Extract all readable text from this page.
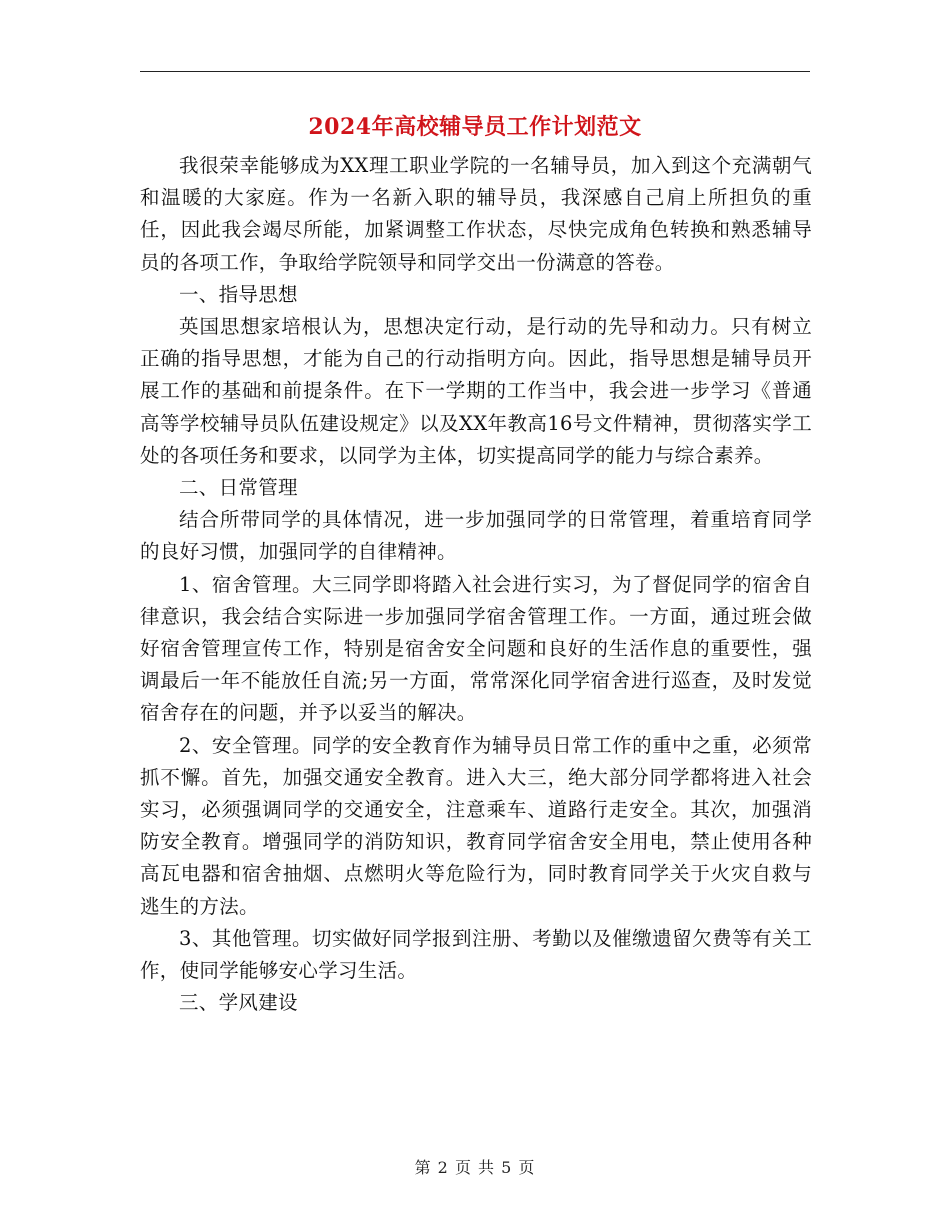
2024年高校辅导员工作计划范文

我很荣幸能够成为XX理工职业学院的一名辅导员，加入到这个充满朝气和温暖的大家庭。作为一名新入职的辅导员，我深感自己肩上所担负的重任，因此我会竭尽所能，加紧调整工作状态，尽快完成角色转换和熟悉辅导员的各项工作，争取给学院领导和同学交出一份满意的答卷。

一、指导思想

英国思想家培根认为，思想决定行动，是行动的先导和动力。只有树立正确的指导思想，才能为自己的行动指明方向。因此，指导思想是辅导员开展工作的基础和前提条件。在下一学期的工作当中，我会进一步学习《普通高等学校辅导员队伍建设规定》以及XX年教高16号文件精神，贯彻落实学工处的各项任务和要求，以同学为主体，切实提高同学的能力与综合素养。

二、日常管理

结合所带同学的具体情况，进一步加强同学的日常管理，着重培育同学的良好习惯，加强同学的自律精神。

1、宿舍管理。大三同学即将踏入社会进行实习，为了督促同学的宿舍自律意识，我会结合实际进一步加强同学宿舍管理工作。一方面，通过班会做好宿舍管理宣传工作，特别是宿舍安全问题和良好的生活作息的重要性，强调最后一年不能放任自流;另一方面，常常深化同学宿舍进行巡查，及时发觉宿舍存在的问题，并予以妥当的解决。

2、安全管理。同学的安全教育作为辅导员日常工作的重中之重，必须常抓不懈。首先，加强交通安全教育。进入大三，绝大部分同学都将进入社会实习，必须强调同学的交通安全，注意乘车、道路行走安全。其次，加强消防安全教育。增强同学的消防知识，教育同学宿舍安全用电，禁止使用各种高瓦电器和宿舍抽烟、点燃明火等危险行为，同时教育同学关于火灾自救与逃生的方法。

3、其他管理。切实做好同学报到注册、考勤以及催缴遗留欠费等有关工作，使同学能够安心学习生活。

三、学风建设

第 2 页 共 5 页
